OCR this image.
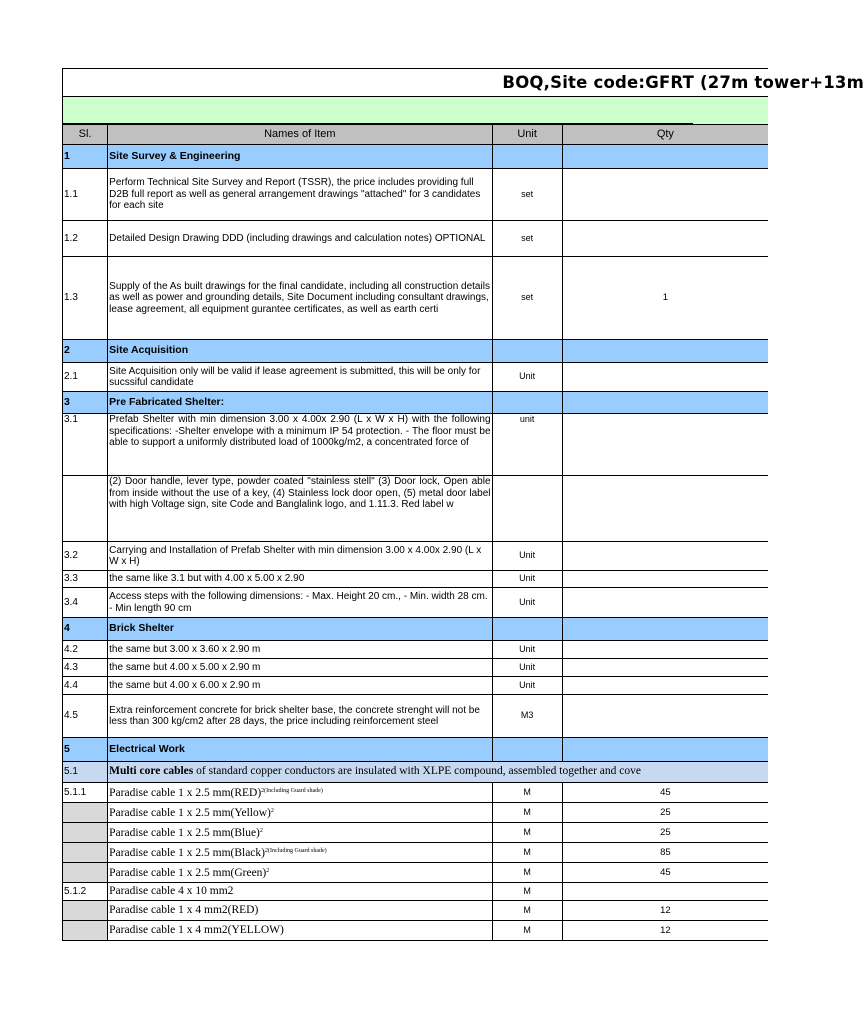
BOQ,Site code:GFRT (27m tower+13m
Sl.	Names of Item	Unit	Qty
1	Site Survey & Engineering		
1.1	Perform Technical Site Survey and Report (TSSR), the price includes providing full D2B full report as well as general arrangement drawings "attached" for 3 candidates for each site	set	
1.2	Detailed Design Drawing DDD (including drawings and calculation notes) OPTIONAL	set	
1.3	Supply of the As built drawings for the final candidate, including all construction details as well as power and grounding details, Site Document including consultant drawings, lease agreement, all equipment gurantee certificates, as well as earth certi	set	1
2	Site Acquisition		
2.1	Site Acquisition only will be valid if lease agreement is submitted, this will be only for sucssiful candidate	Unit	
3	Pre Fabricated Shelter:		
3.1	Prefab Shelter with min dimension 3.00 x 4.00x 2.90 (L x W x H) with the following specifications: -Shelter envelope with a minimum IP 54 protection. - The floor must be able to support a uniformly distributed load of 1000kg/m2, a concentrated force of	unit	
	(2) Door handle, lever type, powder coated "stainless stell" (3) Door lock, Open able from inside without the use of a key, (4) Stainless lock door open, (5) metal door label with high Voltage sign, site Code and Banglalink logo, and 1.11.3. Red label w		
3.2	Carrying and Installation of Prefab Shelter with min dimension 3.00 x 4.00x 2.90 (L x W x H)	Unit	
3.3	the same like 3.1 but with 4.00 x 5.00 x 2.90	Unit	
3.4	Access steps with the following dimensions: - Max. Height 20 cm., - Min. width 28 cm. - Min length 90 cm	Unit	
4	Brick Shelter		
4.2	the same but 3.00 x 3.60 x 2.90 m	Unit	
4.3	the same but 4.00 x 5.00 x 2.90 m	Unit	
4.4	the same but 4.00 x 6.00 x 2.90 m	Unit	
4.5	Extra reinforcement concrete for brick shelter base, the concrete strenght will not be less than 300 kg/cm2 after 28 days, the price including reinforcement steel	M3	
5	Electrical Work		
5.1	Multi core cables of standard copper conductors are insulated with XLPE compound, assembled together and cove		
5.1.1	Paradise cable 1 x 2.5 mm(RED)$^{2(Including Guard shade)}$	M	45
	Paradise cable 1 x 2.5 mm(Yellow)$^2$	M	25
	Paradise cable 1 x 2.5 mm(Blue)$^2$	M	25
	Paradise cable 1 x 2.5 mm(Black)$^{2(Including Guard shade)}$	M	85
	Paradise cable 1 x 2.5 mm(Green)$^2$	M	45
5.1.2	Paradise cable 4 x 10 mm2	M	
	Paradise cable 1 x 4 mm2(RED)	M	12
	Paradise cable 1 x 4 mm2(YELLOW)	M	12
